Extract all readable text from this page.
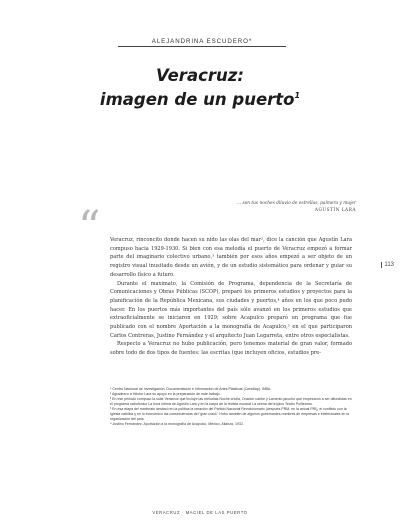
ALEJANDRINA ESCUDERO*
Veracruz:
imagen de un puerto$^1$
... son tus noches diluvio de estrellas, palmera y mujer
AGUSTÍN LARA
“
113

Veracruz, rinconcito donde hacen su nido las olas del mar², dice la canción que Agustín Lara compuso hacia 1929-1930. Si bien con esa melodía el puerto de Veracruz empezó a formar parte del imaginario colectivo urbano,³ también por esos años empezó a ser objeto de un registro visual inusitado desde un avión, y de un estudio sistemático para ordenar y guiar su desarrollo físico a futuro.

Durante el maximato, la Comisión de Programa, dependencia de la Secretaría de Comunicaciones y Obras Públicas (SCOP), preparó los primeros estudios y proyectos para la planificación de la República Mexicana, sus ciudades y puertos,⁴ años en los que poco pudo hacer. En los puertos más importantes del país sólo avanzó en los primeros estudios que extraoficialmente se iniciaron en 1929; sobre Acapulco preparó un programa que fue publicado con el nombre Aportación a la monografía de Acapulco,⁵ en el que participaron Carlos Contreras, Justino Fernández y el arquitecto Juan Legarreta, entre otros especialistas.

Respecto a Veracruz no hubo publicación, pero tenemos material de gran valor, formado sobre todo de dos tipos de fuentes: las escritas (que incluyen oficios, estudios pre-

* Centro Nacional de Investigación, Documentación e Información de Artes Plásticas (Cenidiap), INBA.
¹ Agradezco a Héctor Lara su apoyo en la preparación de este trabajo.
² En ese periodo compuso la suite Veracruz que incluye las melodías Noche criolla, Oración caribe y Lamento jarocho que empezaron a ser difundidas en el programa radiofónico La hora íntima de Agustín Lara y en la carpa de la revista musical La sirena del trópico Teatro Politeama.
³ En esa etapa del maximato destacó en la política la creación del Partido Nacional Revolucionario (después PRM, en la actual PRI), el conflicto con la Iglesia católica y en lo económico las consecuencias del 'gran crack'. Hubo también de algunos gobernantes nombres de empresas e intelectuales en la organización del país.
⁴ Justino Fernández, Aportación a la monografía de Acapulco, México, Alianza, 1932.
VERACRUZ · MACIEL DE LAS PUERTO
